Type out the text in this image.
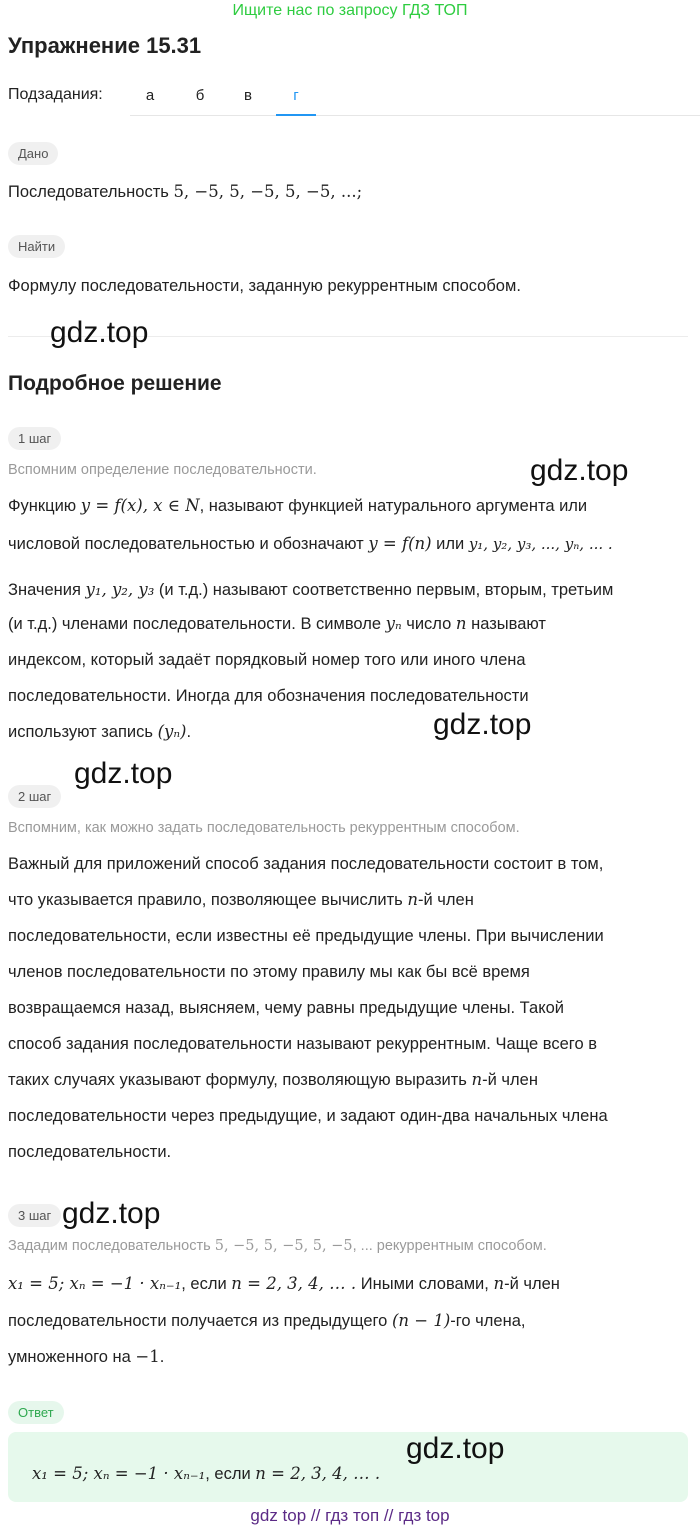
Ищите нас по запросу ГДЗ ТОП
Упражнение 15.31
Подзадания:	а	б	в	г
Дано
Последовательность 5, −5, 5, −5, 5, −5, ...;
Найти
Формулу последовательности, заданную рекуррентным способом.
gdz.top
Подробное решение
1 шаг
Вспомним определение последовательности.	gdz.top
Функцию y = f(x), x ∈ N, называют функцией натурального аргумента или
числовой последовательностью и обозначают y = f(n) или y₁, y₂, y₃, ..., yₙ, ... .
Значения y₁, y₂, y₃ (и т.д.) называют соответственно первым, вторым, третьим
(и т.д.) членами последовательности. В символе yₙ число n называют
индексом, который задаёт порядковый номер того или иного члена
последовательности. Иногда для обозначения последовательности
используют запись (yₙ).	gdz.top
gdz.top
2 шаг
Вспомним, как можно задать последовательность рекуррентным способом.
Важный для приложений способ задания последовательности состоит в том,
что указывается правило, позволяющее вычислить n-й член
последовательности, если известны её предыдущие члены. При вычислении
членов последовательности по этому правилу мы как бы всё время
возвращаемся назад, выясняем, чему равны предыдущие члены. Такой
способ задания последовательности называют рекуррентным. Чаще всего в
таких случаях указывают формулу, позволяющую выразить n-й член
последовательности через предыдущие, и задают один-два начальных члена
последовательности.
3 шаг gdz.top
Зададим последовательность 5, −5, 5, −5, 5, −5, ... рекуррентным способом.
x₁ = 5; xₙ = −1 · xₙ₋₁, если n = 2, 3, 4, … . Иными словами, n-й член
последовательности получается из предыдущего (n − 1)-го члена,
умноженного на −1.
Ответ
x₁ = 5; xₙ = −1 · xₙ₋₁, если n = 2, 3, 4, … .
gdz.top
gdz top // гдз топ // гдз top
